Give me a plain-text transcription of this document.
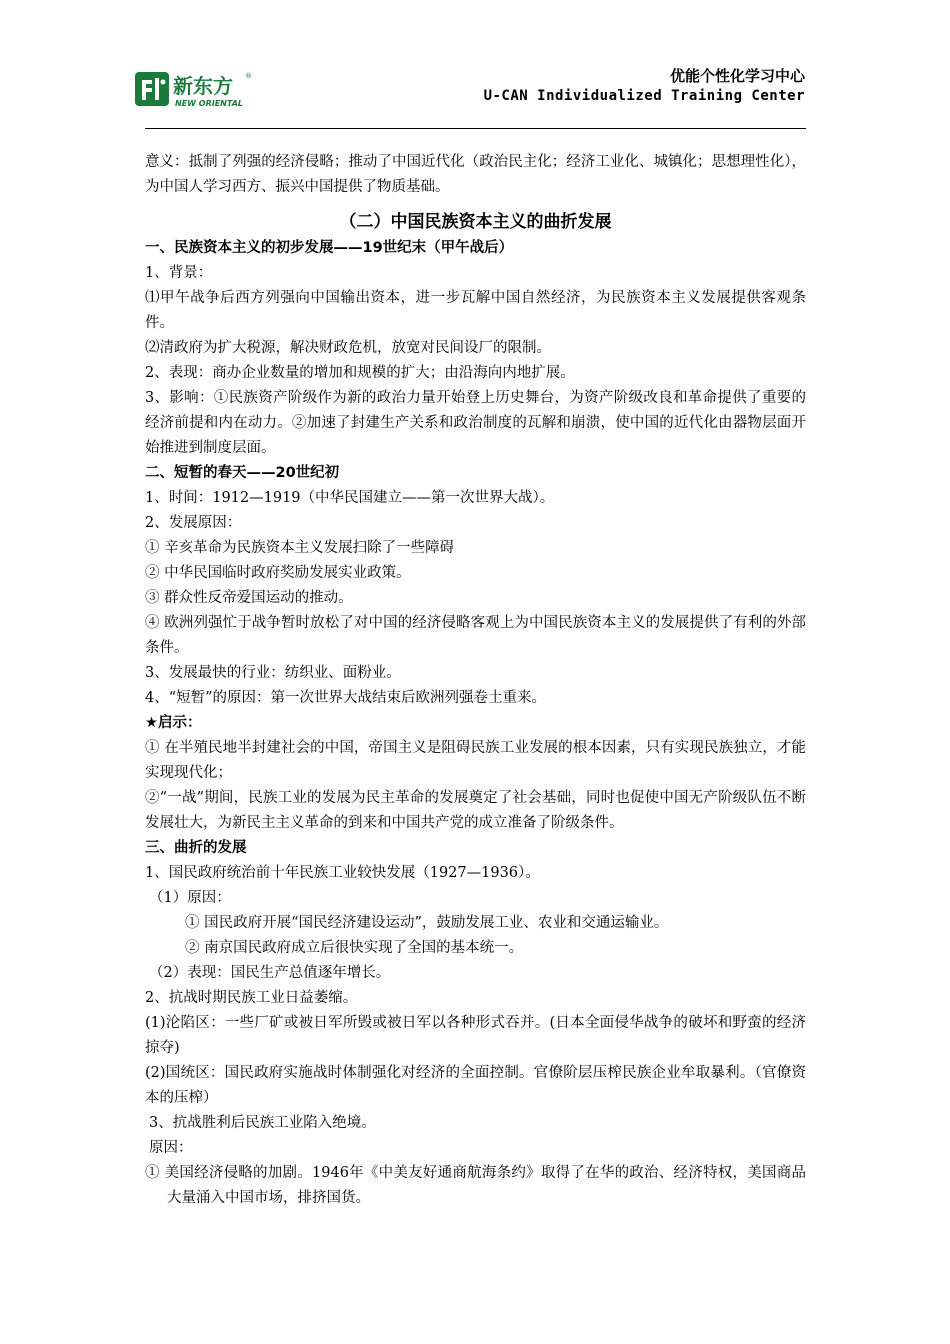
新东方
NEW ORIENTAL
®	优能个性化学习中心
U-CAN Individualized Training Center

意义：抵制了列强的经济侵略；推动了中国近代化（政治民主化；经济工业化、城镇化；思想理性化），为中国人学习西方、振兴中国提供了物质基础。

（二）中国民族资本主义的曲折发展

一、民族资本主义的初步发展——19世纪末（甲午战后）

1、背景：

⑴甲午战争后西方列强向中国输出资本，进一步瓦解中国自然经济，为民族资本主义发展提供客观条件。

⑵清政府为扩大税源，解决财政危机，放宽对民间设厂的限制。

2、表现：商办企业数量的增加和规模的扩大；由沿海向内地扩展。

3、影响：①民族资产阶级作为新的政治力量开始登上历史舞台，为资产阶级改良和革命提供了重要的经济前提和内在动力。②加速了封建生产关系和政治制度的瓦解和崩溃，使中国的近代化由器物层面开始推进到制度层面。

二、短暂的春天——20世纪初

1、时间：1912—1919（中华民国建立——第一次世界大战）。

2、发展原因：

① 辛亥革命为民族资本主义发展扫除了一些障碍

② 中华民国临时政府奖励发展实业政策。

③ 群众性反帝爱国运动的推动。

④ 欧洲列强忙于战争暂时放松了对中国的经济侵略客观上为中国民族资本主义的发展提供了有利的外部条件。

3、发展最快的行业：纺织业、面粉业。

4、“短暂”的原因：第一次世界大战结束后欧洲列强卷土重来。

★启示：

① 在半殖民地半封建社会的中国，帝国主义是阻碍民族工业发展的根本因素，只有实现民族独立，才能实现现代化；

②“一战”期间，民族工业的发展为民主革命的发展奠定了社会基础，同时也促使中国无产阶级队伍不断发展壮大，为新民主主义革命的到来和中国共产党的成立准备了阶级条件。

三、曲折的发展

1、国民政府统治前十年民族工业较快发展（1927—1936）。

（1）原因：

① 国民政府开展“国民经济建设运动”，鼓励发展工业、农业和交通运输业。

② 南京国民政府成立后很快实现了全国的基本统一。

（2）表现：国民生产总值逐年增长。

2、抗战时期民族工业日益萎缩。

(1)沦陷区：一些厂矿或被日军所毁或被日军以各种形式吞并。(日本全面侵华战争的破坏和野蛮的经济掠夺)

(2)国统区：国民政府实施战时体制强化对经济的全面控制。官僚阶层压榨民族企业牟取暴利。（官僚资本的压榨）

3、抗战胜利后民族工业陷入绝境。

原因：

① 美国经济侵略的加剧。1946年《中美友好通商航海条约》取得了在华的政治、经济特权，美国商品大量涌入中国市场，排挤国货。
